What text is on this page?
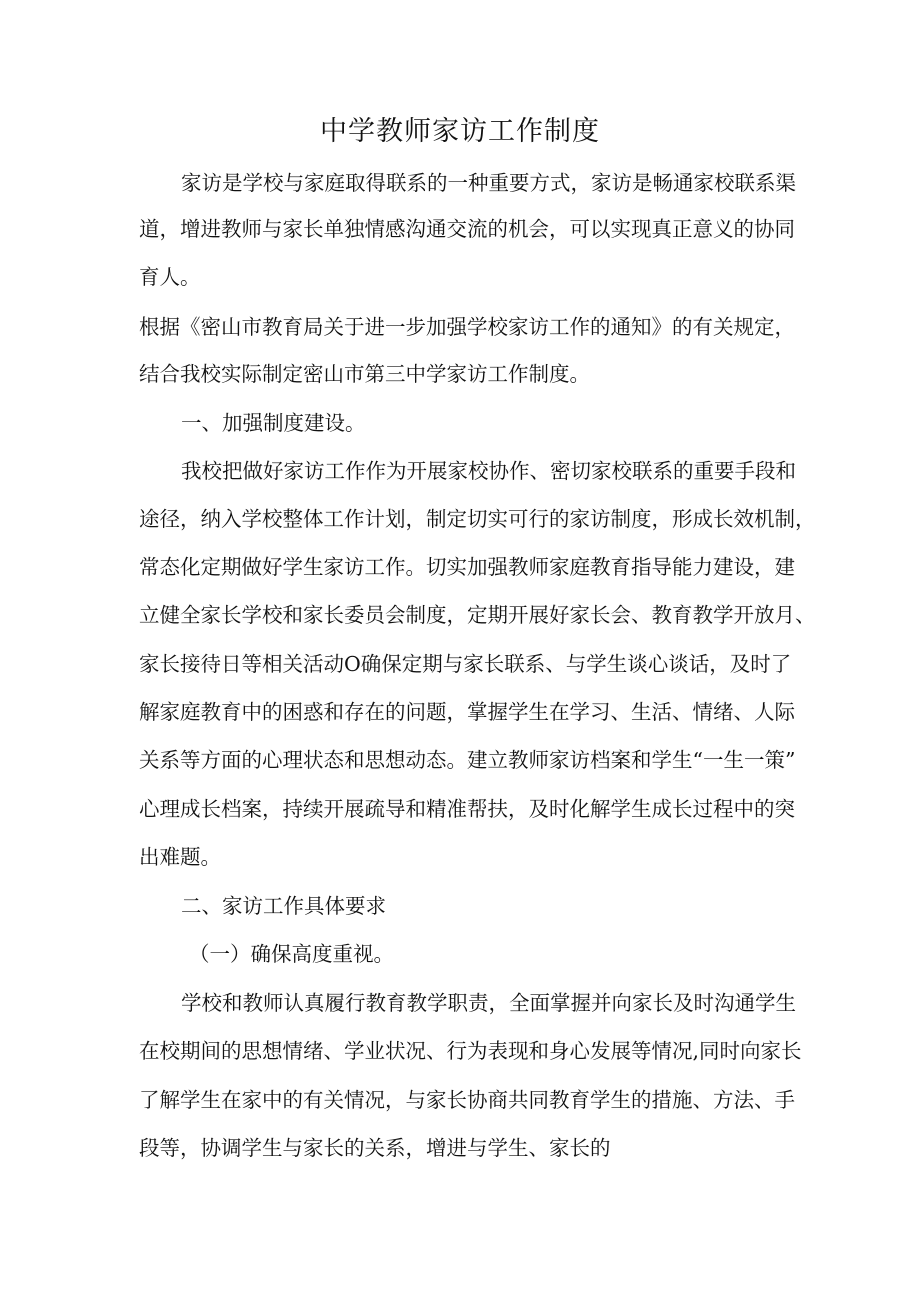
中学教师家访工作制度

家访是学校与家庭取得联系的一种重要方式，家访是畅通家校联系渠

道，增进教师与家长单独情感沟通交流的机会，可以实现真正意义的协同

育人。

根据《密山市教育局关于进一步加强学校家访工作的通知》的有关规定，

结合我校实际制定密山市第三中学家访工作制度。

一、加强制度建设。

我校把做好家访工作作为开展家校协作、密切家校联系的重要手段和

途径，纳入学校整体工作计划，制定切实可行的家访制度，形成长效机制，

常态化定期做好学生家访工作。切实加强教师家庭教育指导能力建设，建

立健全家长学校和家长委员会制度，定期开展好家长会、教育教学开放月、

家长接待日等相关活动O确保定期与家长联系、与学生谈心谈话，及时了

解家庭教育中的困惑和存在的问题，掌握学生在学习、生活、情绪、人际

关系等方面的心理状态和思想动态。建立教师家访档案和学生“一生一策”

心理成长档案，持续开展疏导和精准帮扶，及时化解学生成长过程中的突

出难题。

二、家访工作具体要求

（一）确保高度重视。

学校和教师认真履行教育教学职责，全面掌握并向家长及时沟通学生

在校期间的思想情绪、学业状况、行为表现和身心发展等情况,同时向家长

了解学生在家中的有关情况，与家长协商共同教育学生的措施、方法、手

段等，协调学生与家长的关系，增进与学生、家长的
